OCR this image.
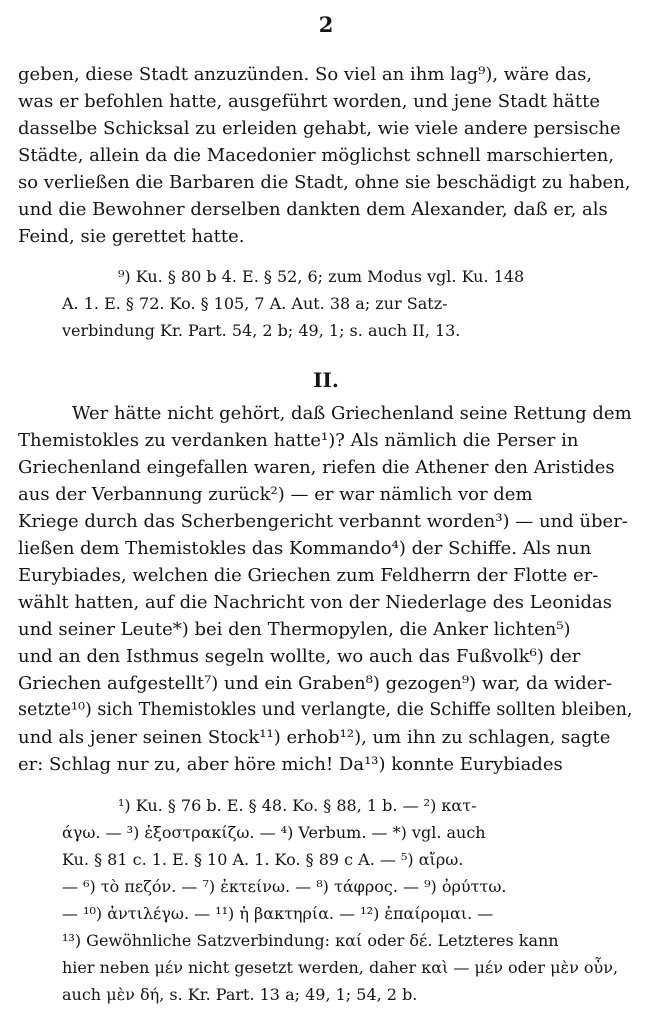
2
geben, diese Stadt anzuzünden. So viel an ihm lag⁹), wäre das,
was er befohlen hatte, ausgeführt worden, und jene Stadt hätte
dasselbe Schicksal zu erleiden gehabt, wie viele andere persische
Städte, allein da die Macedonier möglichst schnell marschierten,
so verließen die Barbaren die Stadt, ohne sie beschädigt zu haben,
und die Bewohner derselben dankten dem Alexander, daß er, als
Feind, sie gerettet hatte.
⁹) Ku. § 80 b 4. E. § 52, 6; zum Modus vgl. Ku. 148
A. 1. E. § 72. Ko. § 105, 7 A. Aut. 38 a; zur Satz-
verbindung Kr. Part. 54, 2 b; 49, 1; s. auch II, 13.
II.
Wer hätte nicht gehört, daß Griechenland seine Rettung dem
Themistokles zu verdanken hatte¹)? Als nämlich die Perser in
Griechenland eingefallen waren, riefen die Athener den Aristides
aus der Verbannung zurück²) — er war nämlich vor dem
Kriege durch das Scherbengericht verbannt worden³) — und über-
ließen dem Themistokles das Kommando⁴) der Schiffe. Als nun
Eurybiades, welchen die Griechen zum Feldherrn der Flotte er-
wählt hatten, auf die Nachricht von der Niederlage des Leonidas
und seiner Leute*) bei den Thermopylen, die Anker lichten⁵)
und an den Isthmus segeln wollte, wo auch das Fußvolk⁶) der
Griechen aufgestellt⁷) und ein Graben⁸) gezogen⁹) war, da wider-
setzte¹⁰) sich Themistokles und verlangte, die Schiffe sollten bleiben,
und als jener seinen Stock¹¹) erhob¹²), um ihn zu schlagen, sagte
er: Schlag nur zu, aber höre mich! Da¹³) konnte Eurybiades
¹) Ku. § 76 b. E. § 48. Ko. § 88, 1 b. — ²) κατ-
άγω. — ³) ἐξοστρακίζω. — ⁴) Verbum. — *) vgl. auch
Ku. § 81 c. 1. E. § 10 A. 1. Ko. § 89 c A. — ⁵) αἴρω.
— ⁶) τὸ πεζόν. — ⁷) ἐκτείνω. — ⁸) τάφρος. — ⁹) ὀρύττω.
— ¹⁰) ἀντιλέγω. — ¹¹) ἡ βακτηρία. — ¹²) ἐπαίρομαι. —
¹³) Gewöhnliche Satzverbindung: καί oder δέ. Letzteres kann
hier neben μέν nicht gesetzt werden, daher καὶ — μέν oder μὲν οὖν,
auch μὲν δή, s. Kr. Part. 13 a; 49, 1; 54, 2 b.
